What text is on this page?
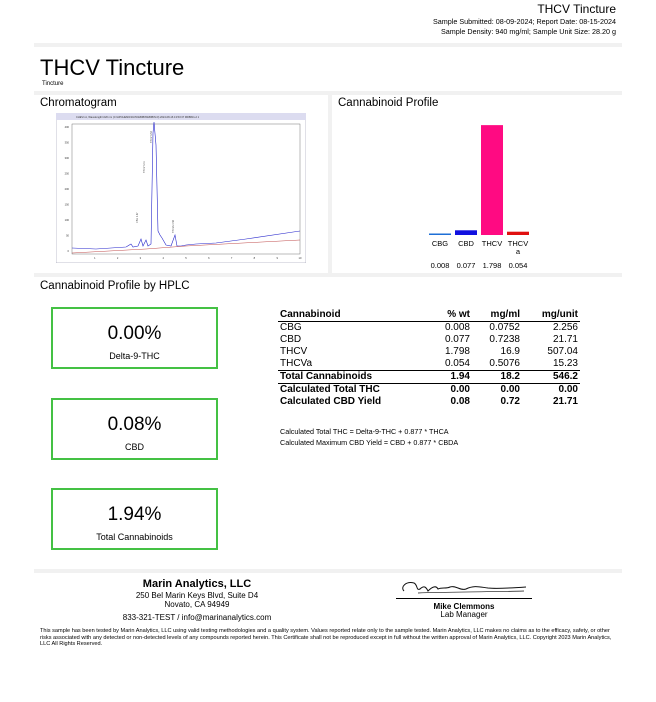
THCV Tincture
Sample Submitted: 08-09-2024; Report Date: 08-15-2024
Sample Density: 940 mg/ml; Sample Unit Size: 28.20 g
THCV Tincture
Tincture
Chromatogram
CHEV1 A, Wavelength=220 nm (C:\HPCHEM\1\DATA\MDBIN\MDBIN.D) 2024-08-16 13:53:37 MDBIN1-2 1
400
350
300
250
200
150
100
50
0
1	2	3	4	5	6	7	8	9	10
CBG 2.67
THCV 3.41
THCV 3.53
THCVa 4.58
Cannabinoid Profile
CBG CBD THCV THCV a
0.008 0.077 1.798 0.054
Cannabinoid Profile by HPLC
0.00%
Delta-9-THC
0.08%
CBD
1.94%
Total Cannabinoids
Cannabinoid	% wt	mg/ml	mg/unit
CBG	0.008	0.0752	2.256
CBD	0.077	0.7238	21.71
THCV	1.798	16.9	507.04
THCVa	0.054	0.5076	15.23
Total Cannabinoids	1.94	18.2	546.2
Calculated Total THC	0.00	0.00	0.00
Calculated CBD Yield	0.08	0.72	21.71
Calculated Total THC = Delta-9-THC + 0.877 * THCA
Calculated Maximum CBD Yield = CBD + 0.877 * CBDA
Marin Analytics, LLC
250 Bel Marin Keys Blvd, Suite D4
Novato, CA 94949
833-321-TEST / info@marinanalytics.com
Mike Clemmons
Lab Manager
This sample has been tested by Marin Analytics, LLC using valid testing methodologies and a quality system. Values reported relate only to the sample tested. Marin Analytics, LLC makes no claims as to the efficacy, safety, or other risks associated with any detected or non-detected levels of any compounds reported herein. This Certificate shall not be reproduced except in full without the written approval of Marin Analytics, LLC. Copyright 2023 Marin Analytics, LLC All Rights Reserved.
